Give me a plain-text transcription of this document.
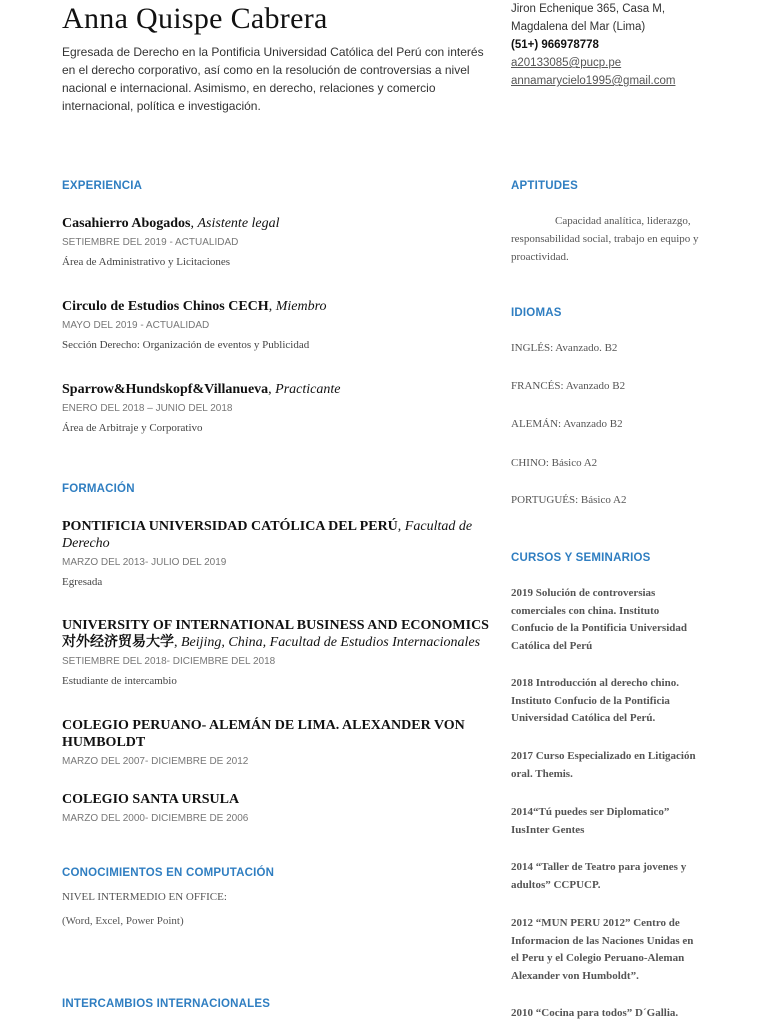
Anna Quispe Cabrera

Egresada de Derecho en la Pontificia Universidad Católica del Perú con interés en el derecho corporativo, así como en la resolución de controversias a nivel nacional e internacional. Asimismo, en derecho, relaciones y comercio internacional, política e investigación.

EXPERIENCIA
Casahierro Abogados, Asistente legal
SETIEMBRE DEL 2019 - ACTUALIDAD
Área de Administrativo y Licitaciones
Circulo de Estudios Chinos CECH, Miembro
MAYO DEL 2019 - ACTUALIDAD
Sección Derecho: Organización de eventos y Publicidad
Sparrow&Hundskopf&Villanueva, Practicante
ENERO DEL 2018 – JUNIO DEL 2018
Área de Arbitraje y Corporativo
FORMACIÓN
PONTIFICIA UNIVERSIDAD CATÓLICA DEL PERÚ, Facultad de Derecho
MARZO DEL 2013- JULIO DEL 2019
Egresada
UNIVERSITY OF INTERNATIONAL BUSINESS AND ECONOMICS 对外经济贸易大学, Beijing, China, Facultad de Estudios Internacionales
SETIEMBRE DEL 2018- DICIEMBRE DEL 2018
Estudiante de intercambio
COLEGIO PERUANO- ALEMÁN DE LIMA. ALEXANDER VON HUMBOLDT
MARZO DEL 2007- DICIEMBRE DE 2012
COLEGIO SANTA URSULA
MARZO DEL 2000- DICIEMBRE DE 2006
CONOCIMIENTOS EN COMPUTACIÓN
NIVEL INTERMEDIO EN OFFICE:
(Word, Excel, Power Point)
INTERCAMBIOS INTERNACIONALES
Jiron Echenique 365, Casa M,
Magdalena del Mar (Lima)
(51+) 966978778
a20133085@pucp.pe
annamarycielo1995@gmail.com
APTITUDES
Capacidad analítica, liderazgo, responsabilidad social, trabajo en equipo y proactividad.
IDIOMAS
INGLÉS: Avanzado. B2
FRANCÉS: Avanzado B2
ALEMÁN: Avanzado B2
CHINO: Básico A2
PORTUGUÉS: Básico A2
CURSOS Y SEMINARIOS
2019 Solución de controversias comerciales con china. Instituto Confucio de la Pontificia Universidad Católica del Perú
2018 Introducción al derecho chino. Instituto Confucio de la Pontificia Universidad Católica del Perú.
2017 Curso Especializado en Litigación oral. Themis.
2014“Tú puedes ser Diplomatico” IusInter Gentes
2014 “Taller de Teatro para jovenes y adultos” CCPUCP.
2012 “MUN PERU 2012” Centro de Informacion de las Naciones Unidas en el Peru y el Colegio Peruano-Aleman Alexander von Humboldt”.
2010 “Cocina para todos” D´Gallia.
